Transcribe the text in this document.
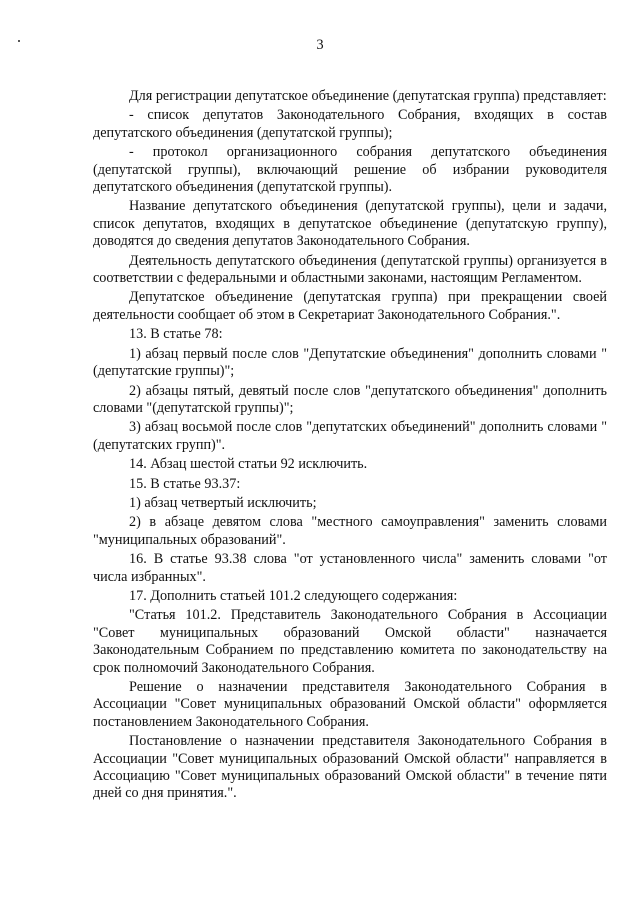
3

Для регистрации депутатское объединение (депутатская группа) представляет:

- список депутатов Законодательного Собрания, входящих в состав депутатского объединения (депутатской группы);

- протокол организационного собрания депутатского объединения (депутатской группы), включающий решение об избрании руководителя депутатского объединения (депутатской группы).

Название депутатского объединения (депутатской группы), цели и задачи, список депутатов, входящих в депутатское объединение (депутатскую группу), доводятся до сведения депутатов Законодательного Собрания.

Деятельность депутатского объединения (депутатской группы) организуется в соответствии с федеральными и областными законами, настоящим Регламентом.

Депутатское объединение (депутатская группа) при прекращении своей деятельности сообщает об этом в Секретариат Законодательного Собрания.".

13. В статье 78:

1) абзац первый после слов "Депутатские объединения" дополнить словами "(депутатские группы)";

2) абзацы пятый, девятый после слов "депутатского объединения" дополнить словами "(депутатской группы)";

3) абзац восьмой после слов "депутатских объединений" дополнить словами "(депутатских групп)".

14. Абзац шестой статьи 92 исключить.

15. В статье 93.37:

1) абзац четвертый исключить;

2) в абзаце девятом слова "местного самоуправления" заменить словами "муниципальных образований".

16. В статье 93.38 слова "от установленного числа" заменить словами "от числа избранных".

17. Дополнить статьей 101.2 следующего содержания:

"Статья 101.2. Представитель Законодательного Собрания в Ассоциации "Совет муниципальных образований Омской области" назначается Законодательным Собранием по представлению комитета по законодательству на срок полномочий Законодательного Собрания.

Решение о назначении представителя Законодательного Собрания в Ассоциации "Совет муниципальных образований Омской области" оформляется постановлением Законодательного Собрания.

Постановление о назначении представителя Законодательного Собрания в Ассоциации "Совет муниципальных образований Омской области" направляется в Ассоциацию "Совет муниципальных образований Омской области" в течение пяти дней со дня принятия.".
